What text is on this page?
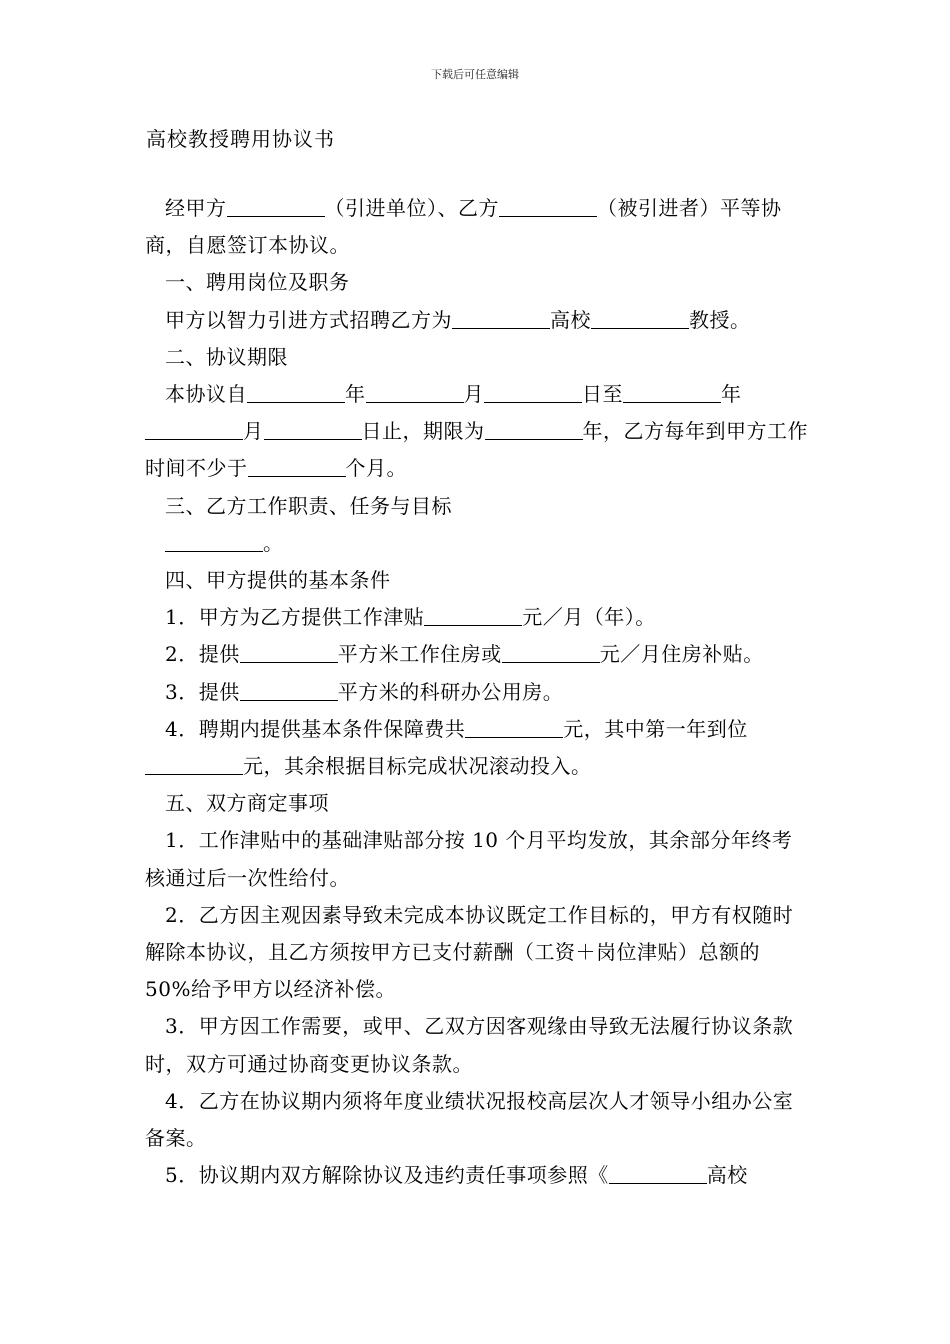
下载后可任意编辑
高校教授聘用协议书

经甲方	（引进单位）、乙方	（被引进者）平等协商，自愿签订本协议。

一、聘用岗位及职务

甲方以智力引进方式招聘乙方为	高校	教授。

二、协议期限

本协议自	年	月	日至	年月	日止，期限为	年，乙方每年到甲方工作时间不少于	个月。

三、乙方工作职责、任务与目标

。

四、甲方提供的基本条件

1．甲方为乙方提供工作津贴	元／月（年）。

2．提供	平方米工作住房或	元／月住房补贴。

3．提供	平方米的科研办公用房。

4．聘期内提供基本条件保障费共	元，其中第一年到位元，其余根据目标完成状况滚动投入。

五、双方商定事项

1．工作津贴中的基础津贴部分按 10 个月平均发放，其余部分年终考核通过后一次性给付。

2．乙方因主观因素导致未完成本协议既定工作目标的，甲方有权随时解除本协议，且乙方须按甲方已支付薪酬（工资＋岗位津贴）总额的 50%给予甲方以经济补偿。

3．甲方因工作需要，或甲、乙双方因客观缘由导致无法履行协议条款时，双方可通过协商变更协议条款。

4．乙方在协议期内须将年度业绩状况报校高层次人才领导小组办公室备案。

5．协议期内双方解除协议及违约责任事项参照《	高校
